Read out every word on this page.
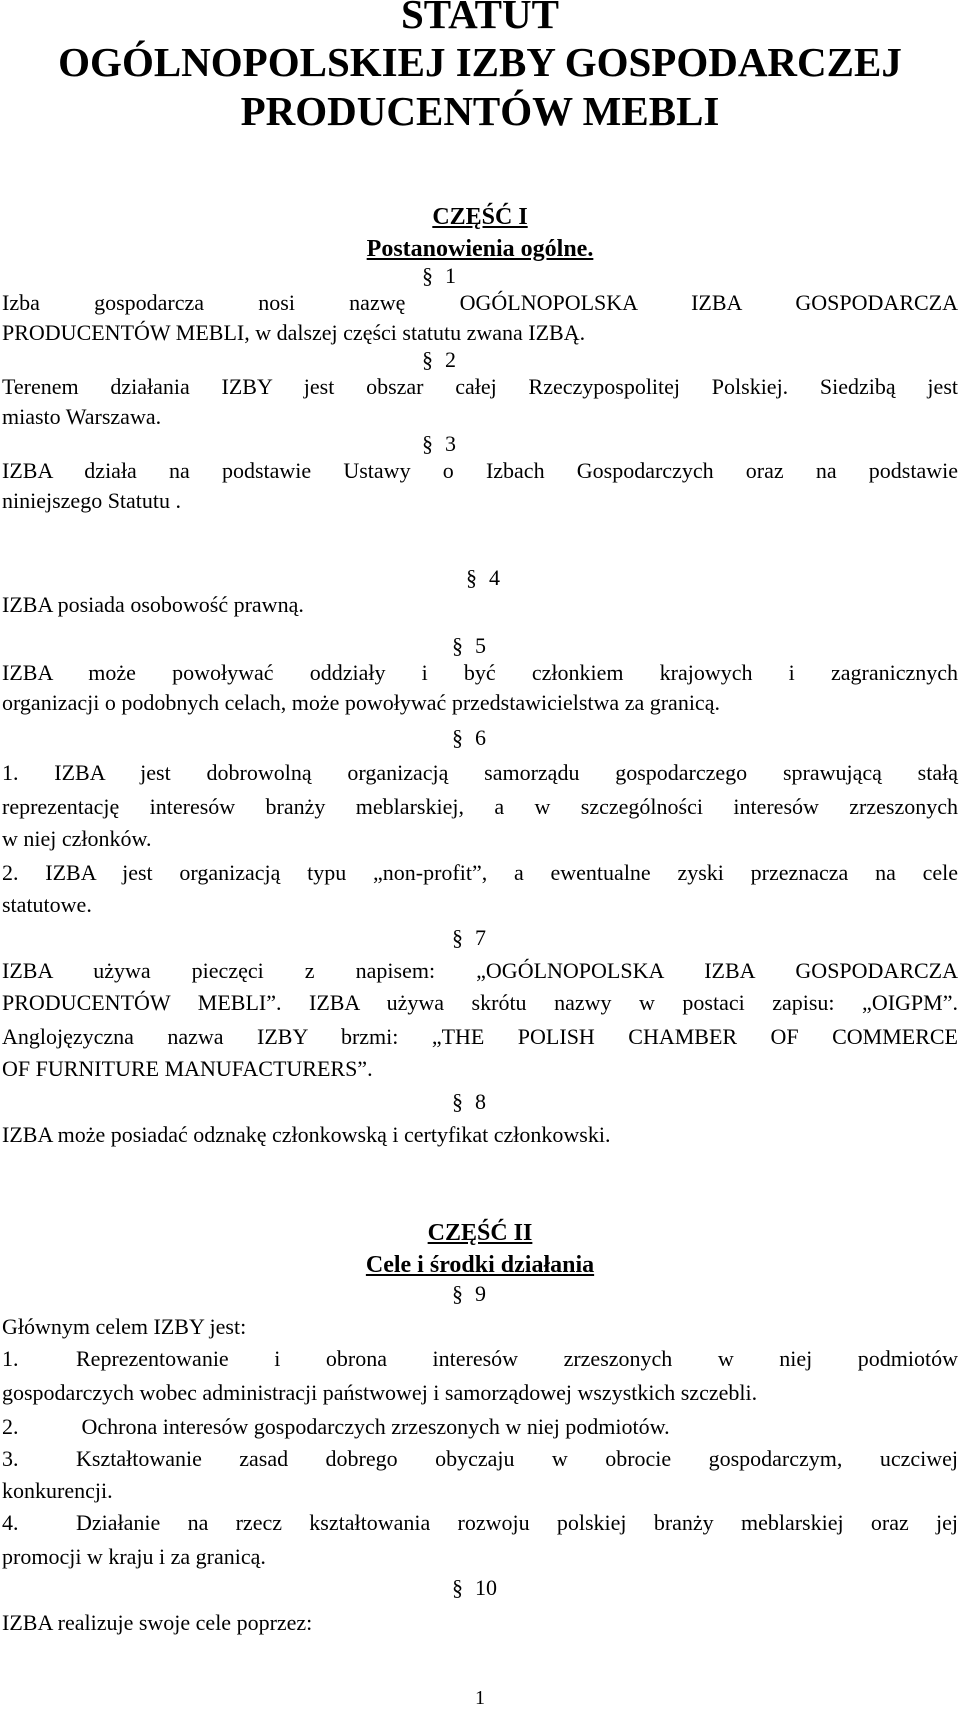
STATUT
OGÓLNOPOLSKIEJ IZBY GOSPODARCZEJ
PRODUCENTÓW MEBLI
CZĘŚĆ I
Postanowienia ogólne.
§ 1
Izba gospodarcza nosi nazwę OGÓLNOPOLSKA IZBA GOSPODARCZA
PRODUCENTÓW MEBLI, w dalszej części statutu zwana IZBĄ.
§ 2
Terenem działania IZBY jest obszar całej Rzeczypospolitej Polskiej. Siedzibą jest
miasto Warszawa.
§ 3
IZBA działa na podstawie Ustawy o Izbach Gospodarczych oraz na podstawie
niniejszego Statutu .
§ 4
IZBA posiada osobowość prawną.
§ 5
IZBA może powoływać oddziały i być członkiem krajowych i zagranicznych
organizacji o podobnych celach, może powoływać przedstawicielstwa za granicą.
§ 6
1. IZBA jest dobrowolną organizacją samorządu gospodarczego sprawującą stałą
reprezentację interesów branży meblarskiej, a w szczególności interesów zrzeszonych
w niej członków.
2. IZBA jest organizacją typu „non-profit”, a ewentualne zyski przeznacza na cele
statutowe.
§ 7
IZBA używa pieczęci z napisem: „OGÓLNOPOLSKA IZBA GOSPODARCZA
PRODUCENTÓW MEBLI”. IZBA używa skrótu nazwy w postaci zapisu: „OIGPM”.
Anglojęzyczna nazwa IZBY brzmi: „THE POLISH CHAMBER OF COMMERCE
OF FURNITURE MANUFACTURERS”.
§ 8
IZBA może posiadać odznakę członkowską i certyfikat członkowski.
CZĘŚĆ II
Cele i środki działania
§ 9
Głównym celem IZBY jest:
1.	Reprezentowanie i obrona interesów zrzeszonych w niej podmiotów
gospodarczych wobec administracji państwowej i samorządowej wszystkich szczebli.
2.	Ochrona interesów gospodarczych zrzeszonych w niej podmiotów.
3.	Kształtowanie zasad dobrego obyczaju w obrocie gospodarczym, uczciwej
konkurencji.
4.	Działanie na rzecz kształtowania rozwoju polskiej branży meblarskiej oraz jej
promocji w kraju i za granicą.
§ 10
IZBA realizuje swoje cele poprzez:
1
